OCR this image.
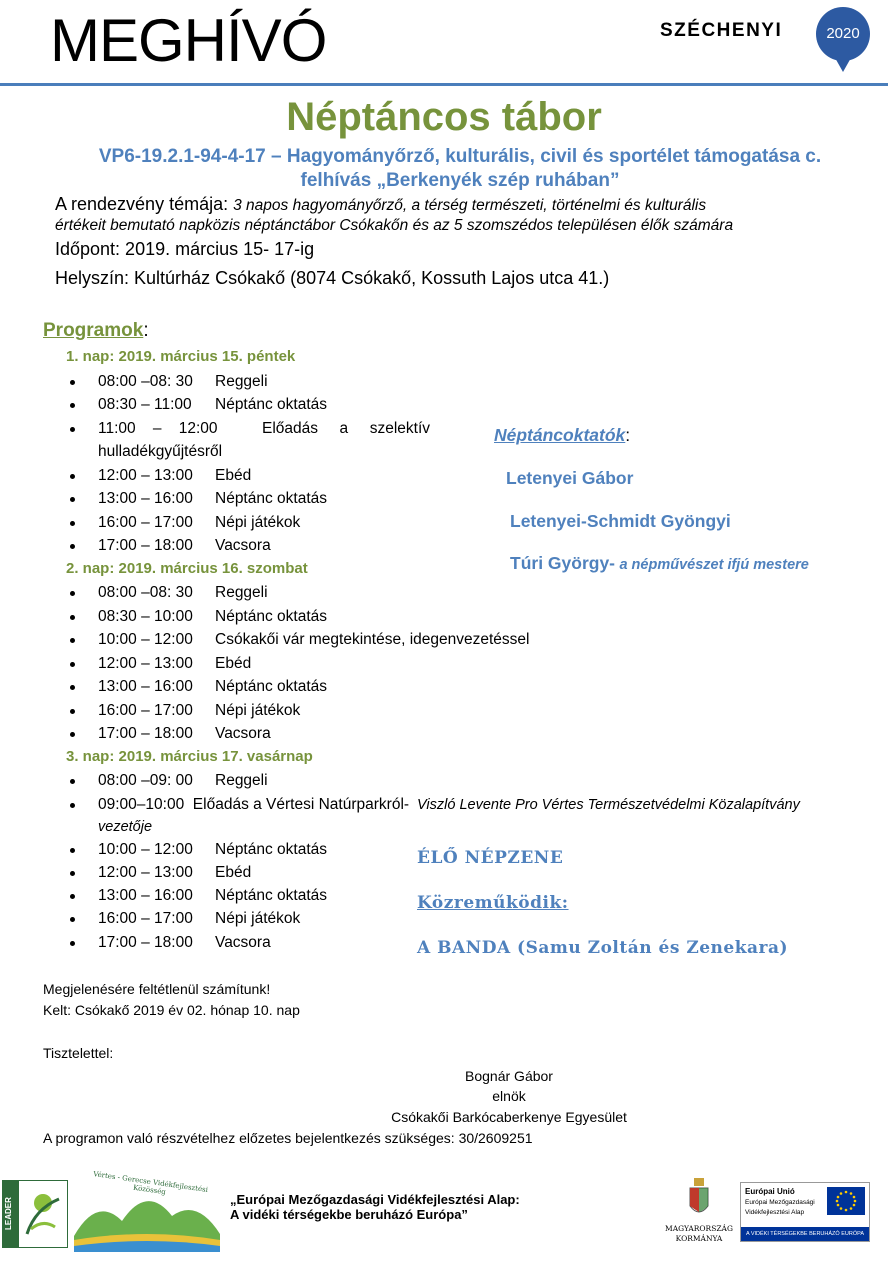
MEGHÍVÓ	SZÉCHENYI	2020
Néptáncos tábor
VP6-19.2.1-94-4-17 – Hagyományőrző, kulturális, civil és sportélet támogatása c.
felhívás „Berkenyék szép ruhában”
A rendezvény témája: 3 napos hagyományőrző, a térség természeti, történelmi és kulturális
értékeit bemutató napközis néptánctábor Csókakőn és az 5 szomszédos településen élők számára
Időpont: 2019. március 15- 17-ig
Helyszín: Kultúrház Csókakő (8074 Csókakő, Kossuth Lajos utca 41.)
Programok:
1. nap: 2019. március 15. péntek
08:00 –08: 30 Reggeli
08:30 – 11:00 Néptánc oktatás
11:00    –    12:00	Előadás     a     szelektív
hulladékgyűjtésről
12:00 – 13:00 Ebéd
13:00 – 16:00 Néptánc oktatás
16:00 – 17:00 Népi játékok
17:00 – 18:00 Vacsora
2. nap: 2019. március 16. szombat
08:00 –08: 30 Reggeli
08:30 – 10:00 Néptánc oktatás
10:00 – 12:00 Csókakői vár megtekintése, idegenvezetéssel
12:00 – 13:00 Ebéd
13:00 – 16:00 Néptánc oktatás
16:00 – 17:00 Népi játékok
17:00 – 18:00 Vacsora
3. nap: 2019. március 17. vasárnap
08:00 –09: 00 Reggeli
09:00–10:00  Előadás a Vértesi Natúrparkról- Viszló Levente Pro Vértes Természetvédelmi Közalapítvány
vezetője
10:00 – 12:00 Néptánc oktatás
12:00 – 13:00 Ebéd
13:00 – 16:00 Néptánc oktatás
16:00 – 17:00 Népi játékok
17:00 – 18:00 Vacsora
Néptáncoktatók:
Letenyei Gábor
Letenyei-Schmidt Gyöngyi
Túri György- a népművészet ifjú mestere
ÉLŐ NÉPZENE
Közreműködik:
A BANDA (Samu Zoltán és Zenekara)
Megjelenésére feltétlenül számítunk!
Kelt: Csókakő 2019 év 02. hónap 10. nap
Tisztelettel:
Bognár Gábor
elnök
Csókakői Barkócaberkenye Egyesület
A programon való részvételhez előzetes bejelentkezés szükséges: 30/2609251
LEADER
Vértes - Gerecse Vidékfejlesztési Közösség
„Európai Mezőgazdasági Vidékfejlesztési Alap:
A vidéki térségekbe beruházó Európa”
MAGYARORSZÁG
KORMÁNYA
Európai Unió
Európai Mezőgazdasági
Vidékfejlesztési Alap
A VIDÉKI TÉRSÉGEKBE BERUHÁZÓ EURÓPA
